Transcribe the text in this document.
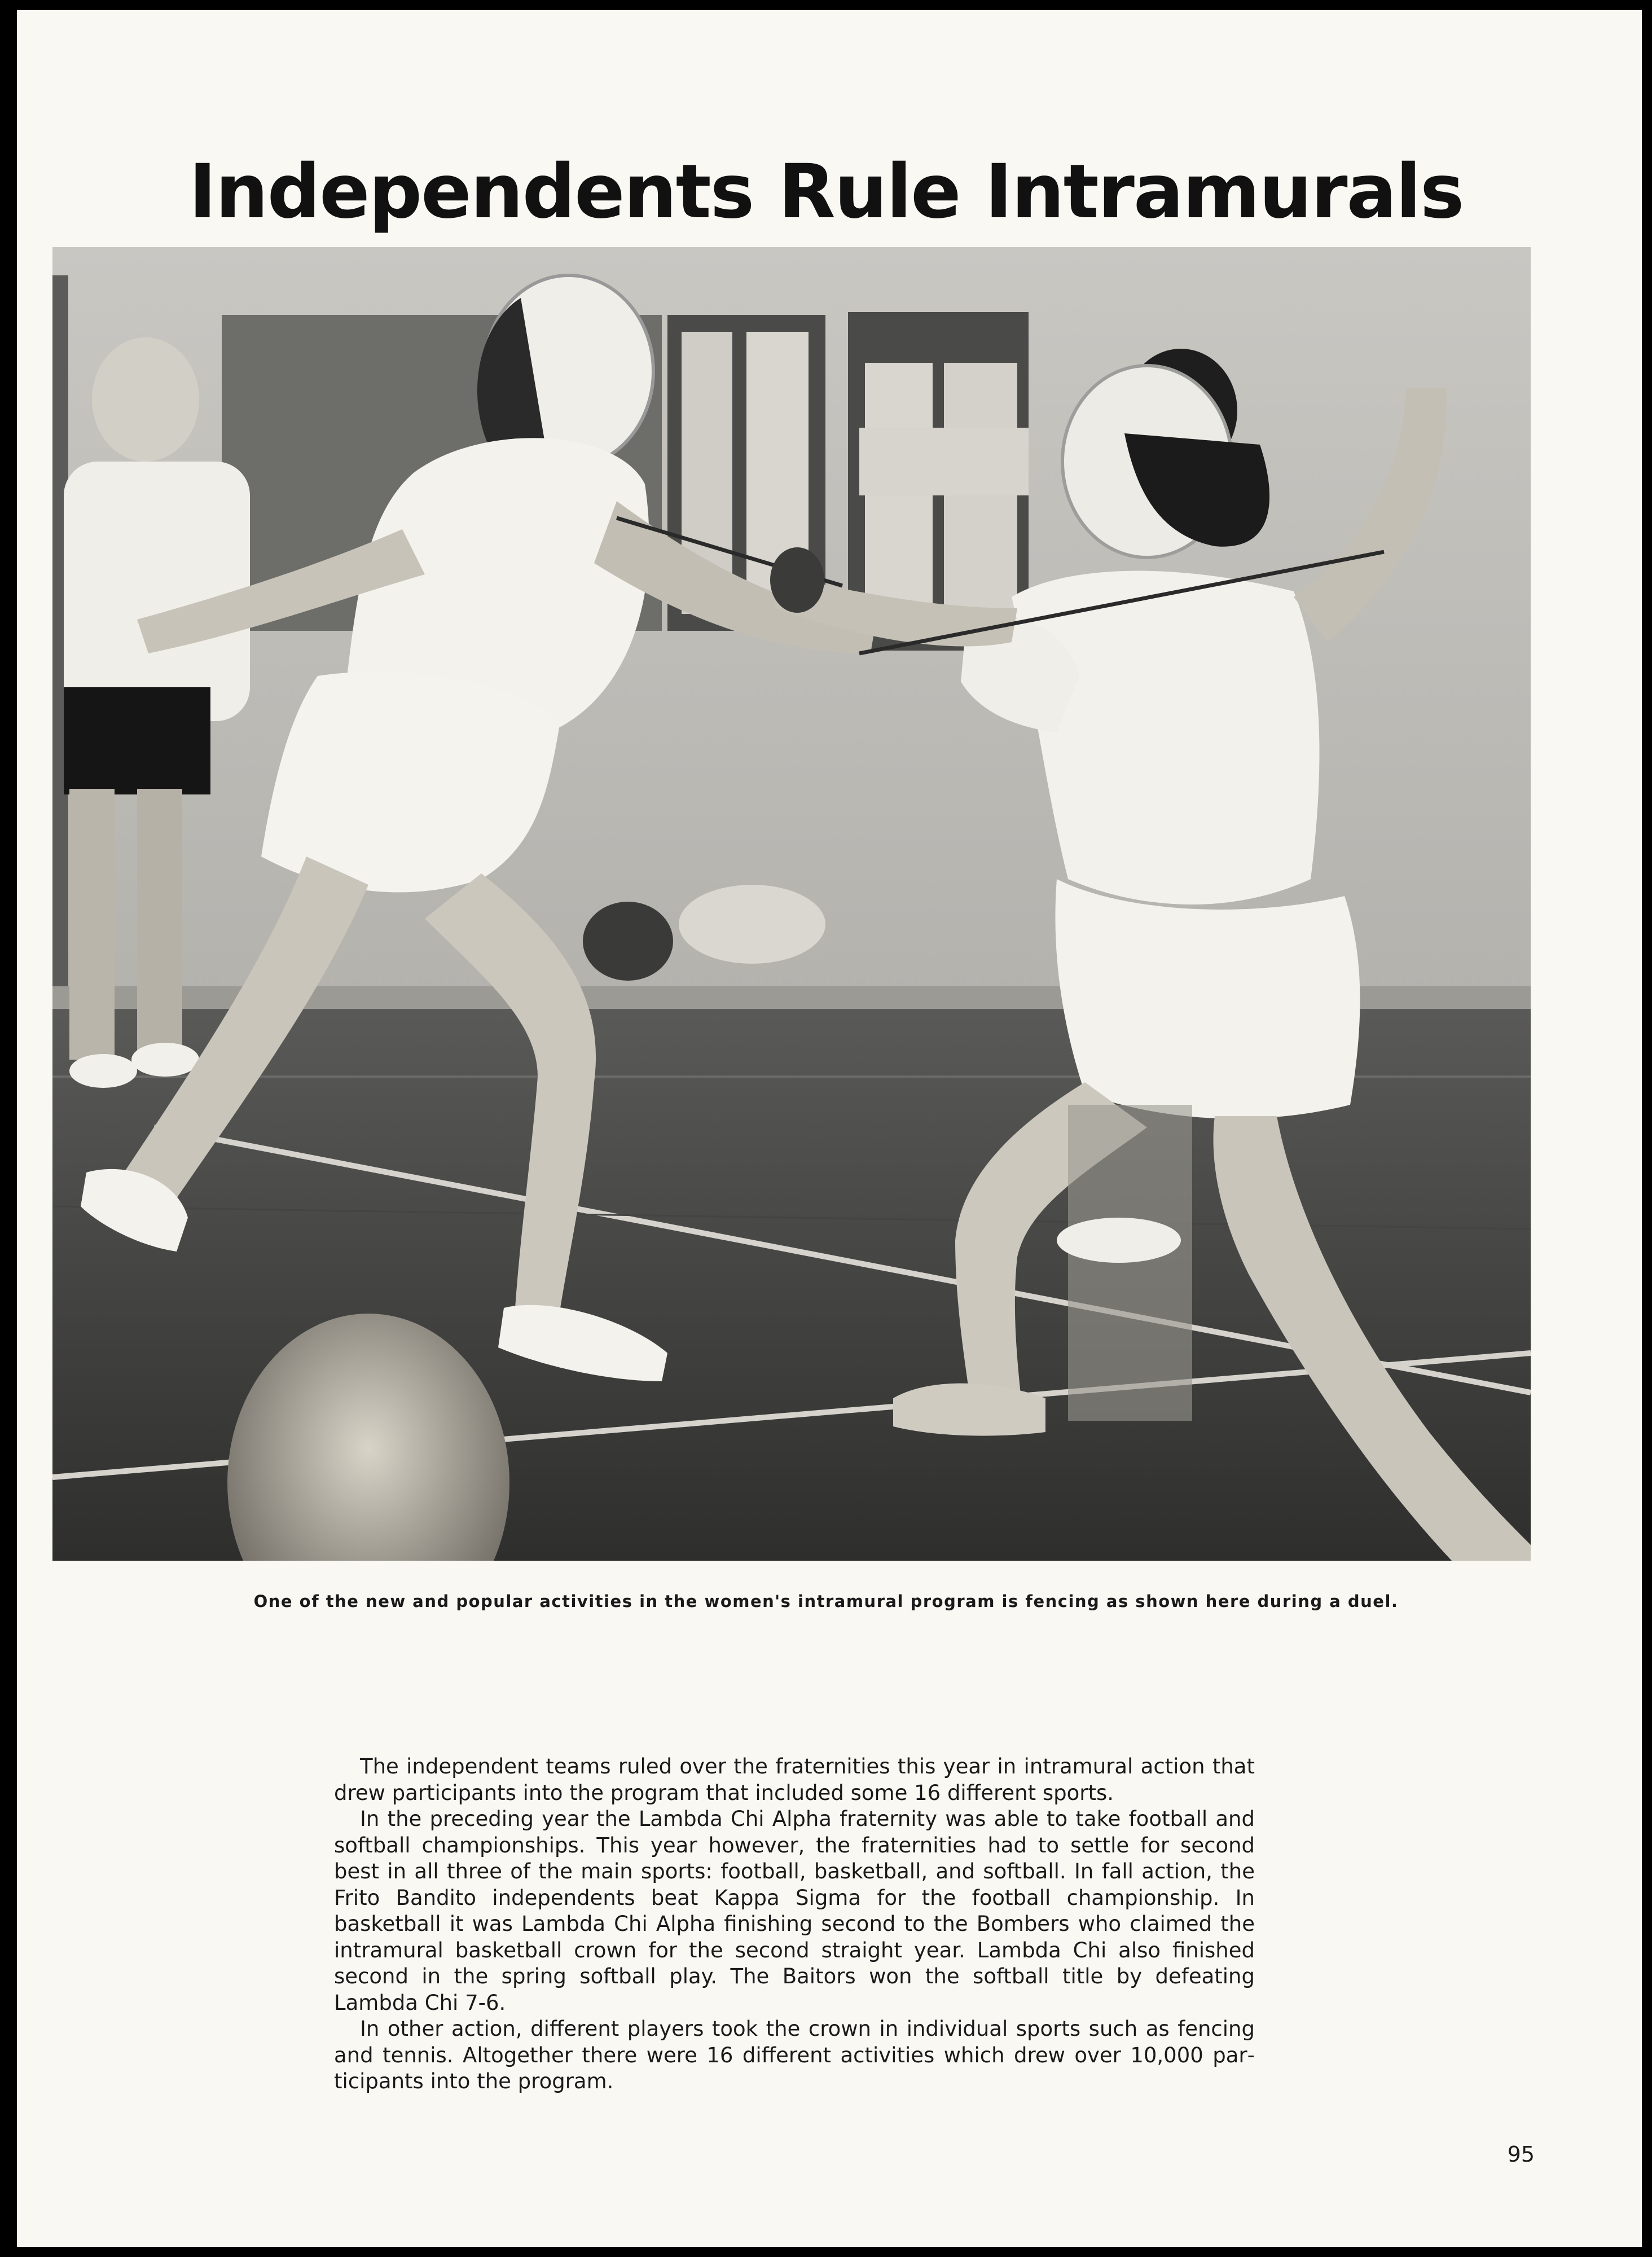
Independents Rule Intramurals
One of the new and popular activities in the women's intramural program is fencing as shown here during a duel.

The independent teams ruled over the fraternities this year in intramural action that drew participants into the program that included some 16 different sports.

In the preceding year the Lambda Chi Alpha fraternity was able to take football and softball championships. This year however, the fraternities had to settle for second best in all three of the main sports: football, basketball, and softball. In fall action, the Frito Bandito independents beat Kappa Sigma for the football championship. In basketball it was Lambda Chi Alpha finishing second to the Bombers who claimed the intramural basketball crown for the second straight year. Lambda Chi also finished second in the spring softball play. The Baitors won the softball title by defeating Lambda Chi 7-6.

In other action, different players took the crown in individual sports such as fencing and tennis. Altogether there were 16 different activities which drew over 10,000 participants into the program.

95
